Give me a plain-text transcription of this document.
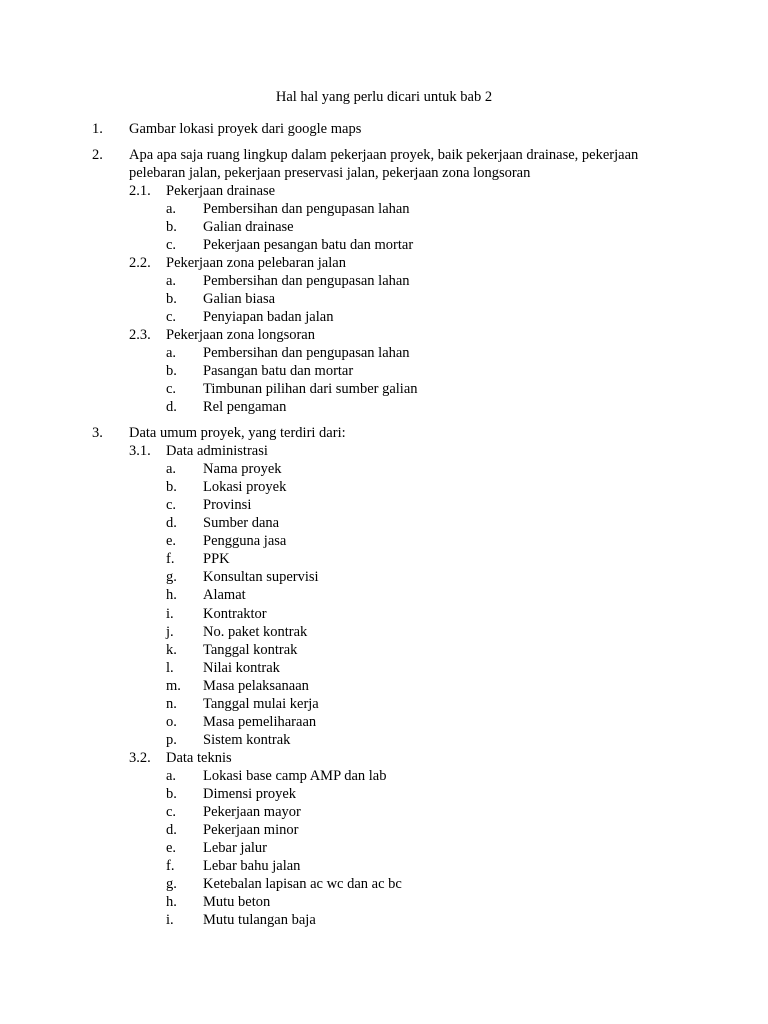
Hal hal yang perlu dicari untuk bab 2
1. Gambar lokasi proyek dari google maps
2. Apa apa saja ruang lingkup dalam pekerjaan proyek, baik pekerjaan drainase, pekerjaan pelebaran jalan, pekerjaan preservasi jalan, pekerjaan zona longsoran
2.1. Pekerjaan drainase
a. Pembersihan dan pengupasan lahan
b. Galian drainase
c. Pekerjaan pesangan batu dan mortar
2.2. Pekerjaan zona pelebaran jalan
a. Pembersihan dan pengupasan lahan
b. Galian biasa
c. Penyiapan badan jalan
2.3. Pekerjaan zona longsoran
a. Pembersihan dan pengupasan lahan
b. Pasangan batu dan mortar
c. Timbunan pilihan dari sumber galian
d. Rel pengaman
3. Data umum proyek, yang terdiri dari:
3.1. Data administrasi
a. Nama proyek
b. Lokasi proyek
c. Provinsi
d. Sumber dana
e. Pengguna jasa
f. PPK
g. Konsultan supervisi
h. Alamat
i. Kontraktor
j. No. paket kontrak
k. Tanggal kontrak
l. Nilai kontrak
m. Masa pelaksanaan
n. Tanggal mulai kerja
o. Masa pemeliharaan
p. Sistem kontrak
3.2. Data teknis
a. Lokasi base camp AMP dan lab
b. Dimensi proyek
c. Pekerjaan mayor
d. Pekerjaan minor
e. Lebar jalur
f. Lebar bahu jalan
g. Ketebalan lapisan ac wc dan ac bc
h. Mutu beton
i. Mutu tulangan baja
